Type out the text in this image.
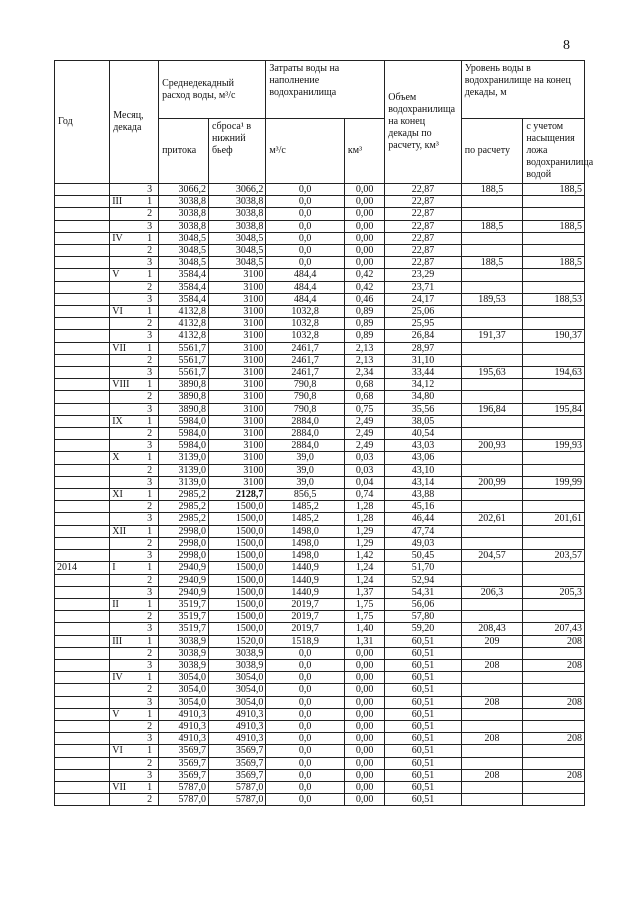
8
Год	Месяц, декада	Среднедекадный расход воды, м³/с		Затраты воды на наполнение водохранилища		Объем водохранилища на конец декады по расчету, км³	Уровень воды в водохранилище на конец декады, м	
		притока	сброса¹ в нижний бьеф	м³/с	км³		по расчету	с учетом насыщения ложа водохранилища водой

	3	3066,2	3066,2	0,0	0,00	22,87	188,5	188,5
	III 1	3038,8	3038,8	0,0	0,00	22,87		

	2	3038,8	3038,8	0,0	0,00	22,87		

	3	3038,8	3038,8	0,0	0,00	22,87	188,5	188,5
	IV 1	3048,5	3048,5	0,0	0,00	22,87		

	2	3048,5	3048,5	0,0	0,00	22,87		

	3	3048,5	3048,5	0,0	0,00	22,87	188,5	188,5
	V 1	3584,4	3100	484,4	0,42	23,29		

	2	3584,4	3100	484,4	0,42	23,71		

	3	3584,4	3100	484,4	0,46	24,17	189,53	188,53
	VI 1	4132,8	3100	1032,8	0,89	25,06		

	2	4132,8	3100	1032,8	0,89	25,95		

	3	4132,8	3100	1032,8	0,89	26,84	191,37	190,37
	VII 1	5561,7	3100	2461,7	2,13	28,97		

	2	5561,7	3100	2461,7	2,13	31,10		

	3	5561,7	3100	2461,7	2,34	33,44	195,63	194,63
	VIII 1	3890,8	3100	790,8	0,68	34,12		

	2	3890,8	3100	790,8	0,68	34,80		

	3	3890,8	3100	790,8	0,75	35,56	196,84	195,84
	IX 1	5984,0	3100	2884,0	2,49	38,05		

	2	5984,0	3100	2884,0	2,49	40,54		

	3	5984,0	3100	2884,0	2,49	43,03	200,93	199,93
	X 1	3139,0	3100	39,0	0,03	43,06		

	2	3139,0	3100	39,0	0,03	43,10		

	3	3139,0	3100	39,0	0,04	43,14	200,99	199,99
	XI 1	2985,2	2128,7	856,5	0,74	43,88		

	2	2985,2	1500,0	1485,2	1,28	45,16		

	3	2985,2	1500,0	1485,2	1,28	46,44	202,61	201,61
	XII 1	2998,0	1500,0	1498,0	1,29	47,74		

	2	2998,0	1500,0	1498,0	1,29	49,03		

	3	2998,0	1500,0	1498,0	1,42	50,45	204,57	203,57
2014	I 1	2940,9	1500,0	1440,9	1,24	51,70		

	2	2940,9	1500,0	1440,9	1,24	52,94		

	3	2940,9	1500,0	1440,9	1,37	54,31	206,3	205,3
	II 1	3519,7	1500,0	2019,7	1,75	56,06		

	2	3519,7	1500,0	2019,7	1,75	57,80		

	3	3519,7	1500,0	2019,7	1,40	59,20	208,43	207,43
	III 1	3038,9	1520,0	1518,9	1,31	60,51	209	208

	2	3038,9	3038,9	0,0	0,00	60,51		

	3	3038,9	3038,9	0,0	0,00	60,51	208	208
	IV 1	3054,0	3054,0	0,0	0,00	60,51		

	2	3054,0	3054,0	0,0	0,00	60,51		

	3	3054,0	3054,0	0,0	0,00	60,51	208	208
	V 1	4910,3	4910,3	0,0	0,00	60,51		

	2	4910,3	4910,3	0,0	0,00	60,51		

	3	4910,3	4910,3	0,0	0,00	60,51	208	208
	VI 1	3569,7	3569,7	0,0	0,00	60,51		

	2	3569,7	3569,7	0,0	0,00	60,51		

	3	3569,7	3569,7	0,0	0,00	60,51	208	208
	VII 1	5787,0	5787,0	0,0	0,00	60,51		

	2	5787,0	5787,0	0,0	0,00	60,51		
